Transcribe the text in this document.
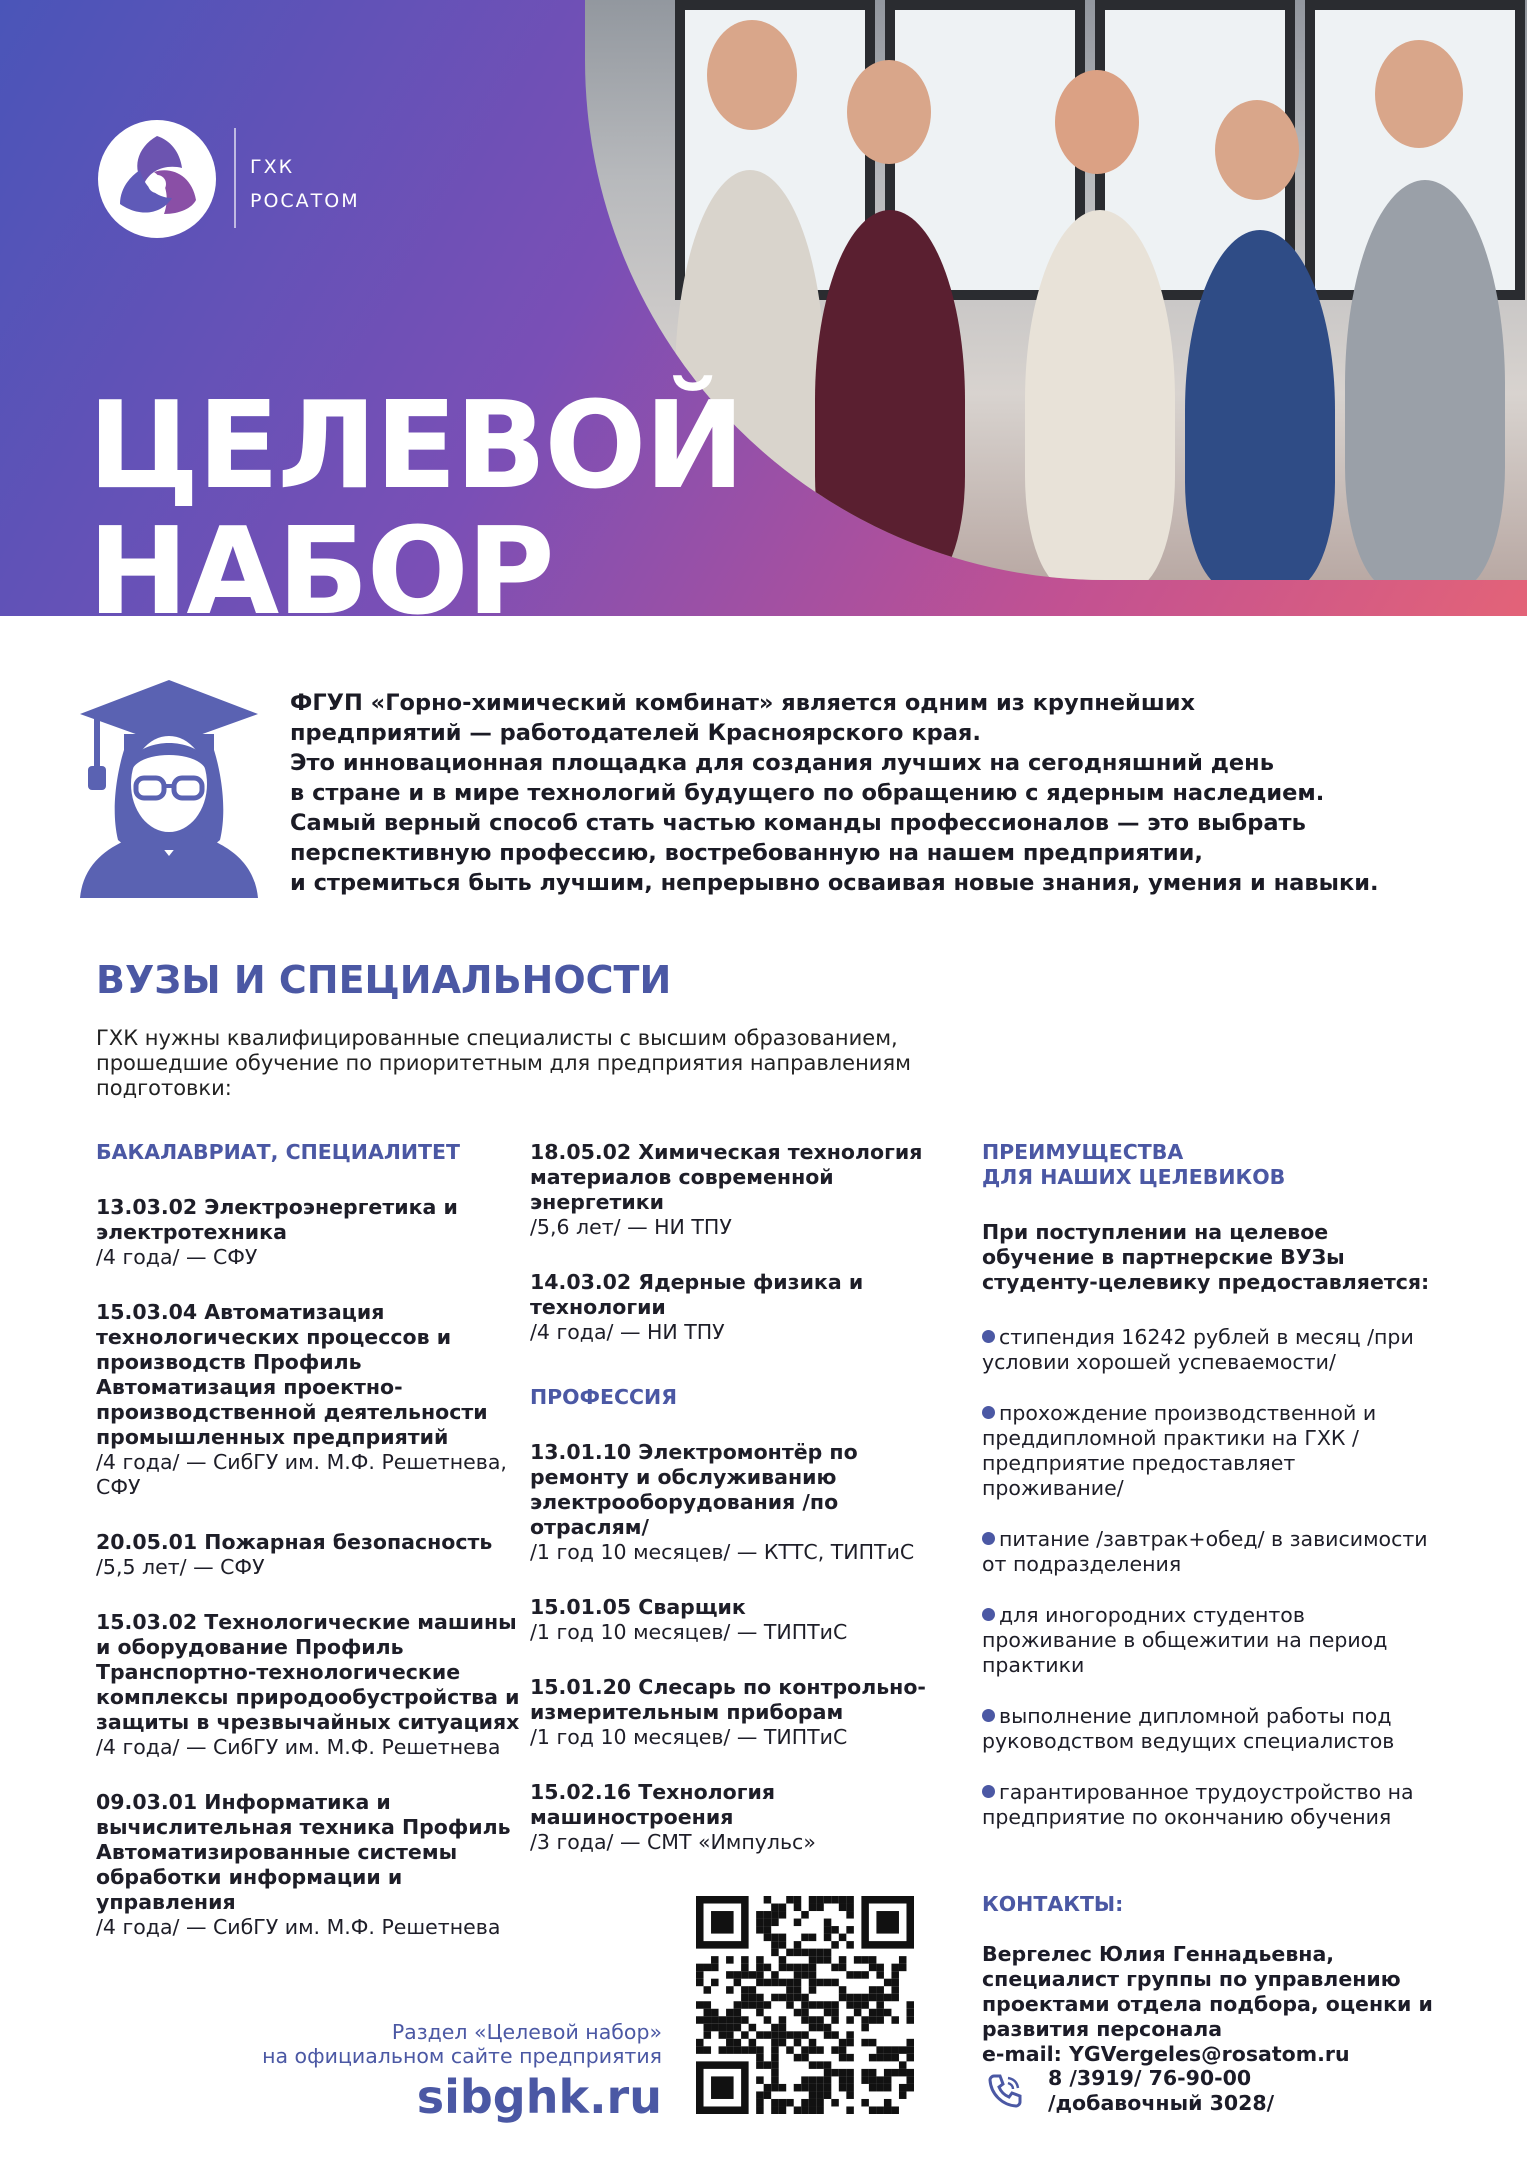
ГХК
РОСАТОМ
ЦЕЛЕВОЙ
НАБОР
ФГУП «Горно-химический комбинат» является одним из крупнейших
предприятий — работодателей Красноярского края.
Это инновационная площадка для создания лучших на сегодняшний день
в стране и в мире технологий будущего по обращению с ядерным наследием.
Самый верный способ стать частью команды профессионалов — это выбрать
перспективную профессию, востребованную на нашем предприятии,
и стремиться быть лучшим, непрерывно осваивая новые знания, умения и навыки.
ВУЗЫ И СПЕЦИАЛЬНОСТИ
ГХК нужны квалифицированные специалисты с высшим образованием, прошедшие обучение по приоритетным для предприятия направлениям подготовки:
БАКАЛАВРИАТ, СПЕЦИАЛИТЕТ
13.03.02 Электроэнергетика и электротехника
/4 года/ — СФУ
15.03.04 Автоматизация технологических процессов и производств Профиль Автоматизация проектно-производственной деятельности промышленных предприятий
/4 года/ — СибГУ им. М.Ф. Решетнева, СФУ
20.05.01 Пожарная безопасность
/5,5 лет/ — СФУ
15.03.02 Технологические машины и оборудование Профиль Транспортно-технологические комплексы природообустройства и защиты в чрезвычайных ситуациях
/4 года/ — СибГУ им. М.Ф. Решетнева
09.03.01 Информатика и вычислительная техника Профиль Автоматизированные системы обработки информации и управления
/4 года/ — СибГУ им. М.Ф. Решетнева
18.05.02 Химическая технология материалов современной энергетики
/5,6 лет/ — НИ ТПУ
14.03.02 Ядерные физика и технологии
/4 года/ — НИ ТПУ
ПРОФЕССИЯ
13.01.10 Электромонтёр по ремонту и обслуживанию электрооборудования /по отраслям/
/1 год 10 месяцев/ — КТТС, ТИПТиС
15.01.05 Сварщик
/1 год 10 месяцев/ — ТИПТиС
15.01.20 Слесарь по контрольно-измерительным приборам
/1 год 10 месяцев/ — ТИПТиС
15.02.16 Технология машиностроения
/3 года/ — СМТ «Импульс»
ПРЕИМУЩЕСТВА
ДЛЯ НАШИХ ЦЕЛЕВИКОВ
При поступлении на целевое обучение в партнерские ВУЗы студенту-целевику предоставляется:
стипендия 16242 рублей в месяц /при условии хорошей успеваемости/
прохождение производственной и преддипломной практики на ГХК /предприятие предоставляет проживание/
питание /завтрак+обед/ в зависимости от подразделения
для иногородних студентов проживание в общежитии на период практики
выполнение дипломной работы под руководством ведущих специалистов
гарантированное трудоустройство на предприятие по окончанию обучения
КОНТАКТЫ:
Вергелес Юлия Геннадьевна,
специалист группы по управлению проектами отдела подбора, оценки и развития персонала
e-mail: YGVergeles@rosatom.ru
8 /3919/ 76-90-00
/добавочный 3028/
Раздел «Целевой набор»
на официальном сайте предприятия
sibghk.ru
